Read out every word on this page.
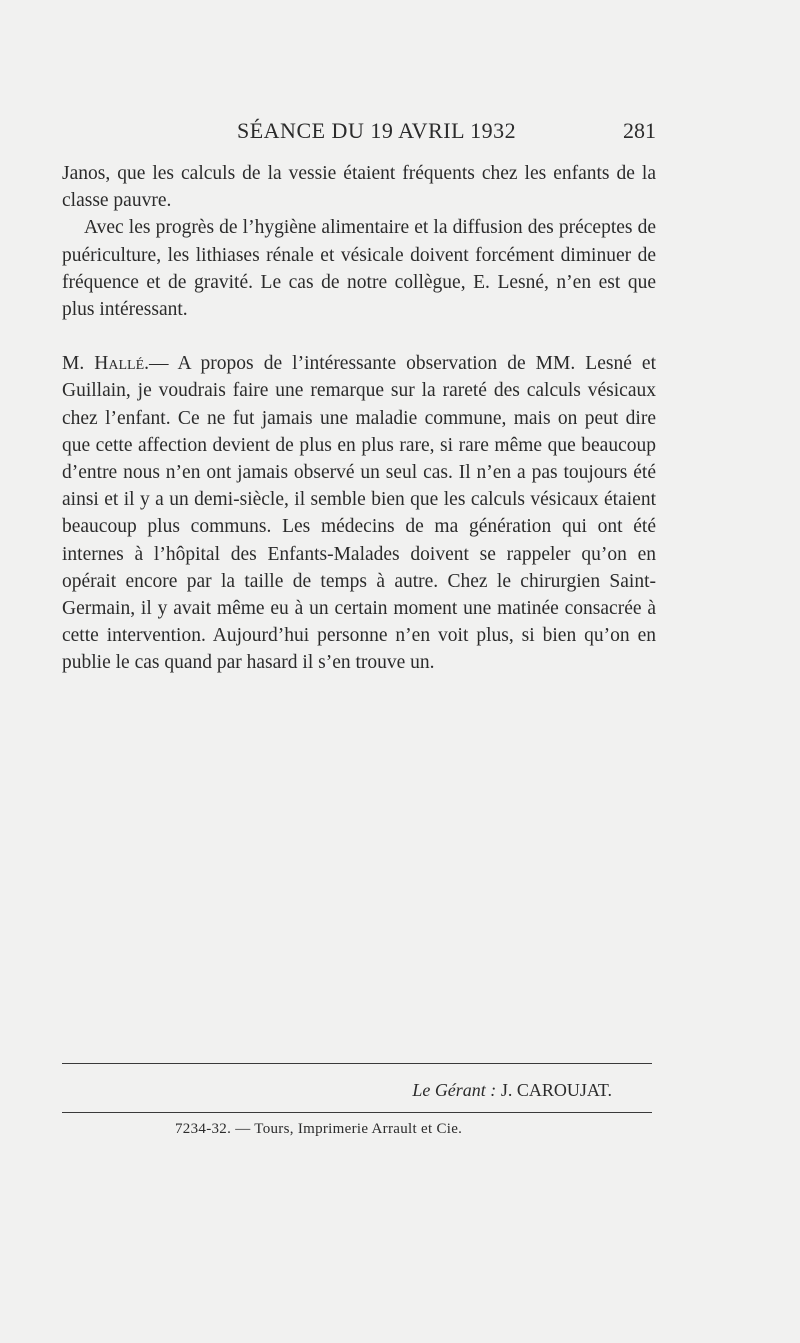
SÉANCE DU 19 AVRIL 1932	281

Janos, que les calculs de la vessie étaient fréquents chez les enfants de la classe pauvre.

Avec les progrès de l’hygiène alimentaire et la diffusion des préceptes de puériculture, les lithiases rénale et vésicale doivent forcément diminuer de fréquence et de gravité. Le cas de notre collègue, E. Lesné, n’en est que plus intéressant.

M. Hallé.— A propos de l’intéressante observation de MM. Lesné et Guillain, je voudrais faire une remarque sur la rareté des calculs vésicaux chez l’enfant. Ce ne fut jamais une maladie commune, mais on peut dire que cette affection devient de plus en plus rare, si rare même que beaucoup d’entre nous n’en ont jamais observé un seul cas. Il n’en a pas toujours été ainsi et il y a un demi-siècle, il semble bien que les calculs vésicaux étaient beaucoup plus communs. Les médecins de ma génération qui ont été internes à l’hôpital des Enfants-Malades doivent se rappeler qu’on en opérait encore par la taille de temps à autre. Chez le chirurgien Saint-Germain, il y avait même eu à un certain moment une matinée consacrée à cette intervention. Aujourd’hui personne n’en voit plus, si bien qu’on en publie le cas quand par hasard il s’en trouve un.

Le Gérant : J. CAROUJAT.
7234-32. — Tours, Imprimerie Arrault et Cie.
